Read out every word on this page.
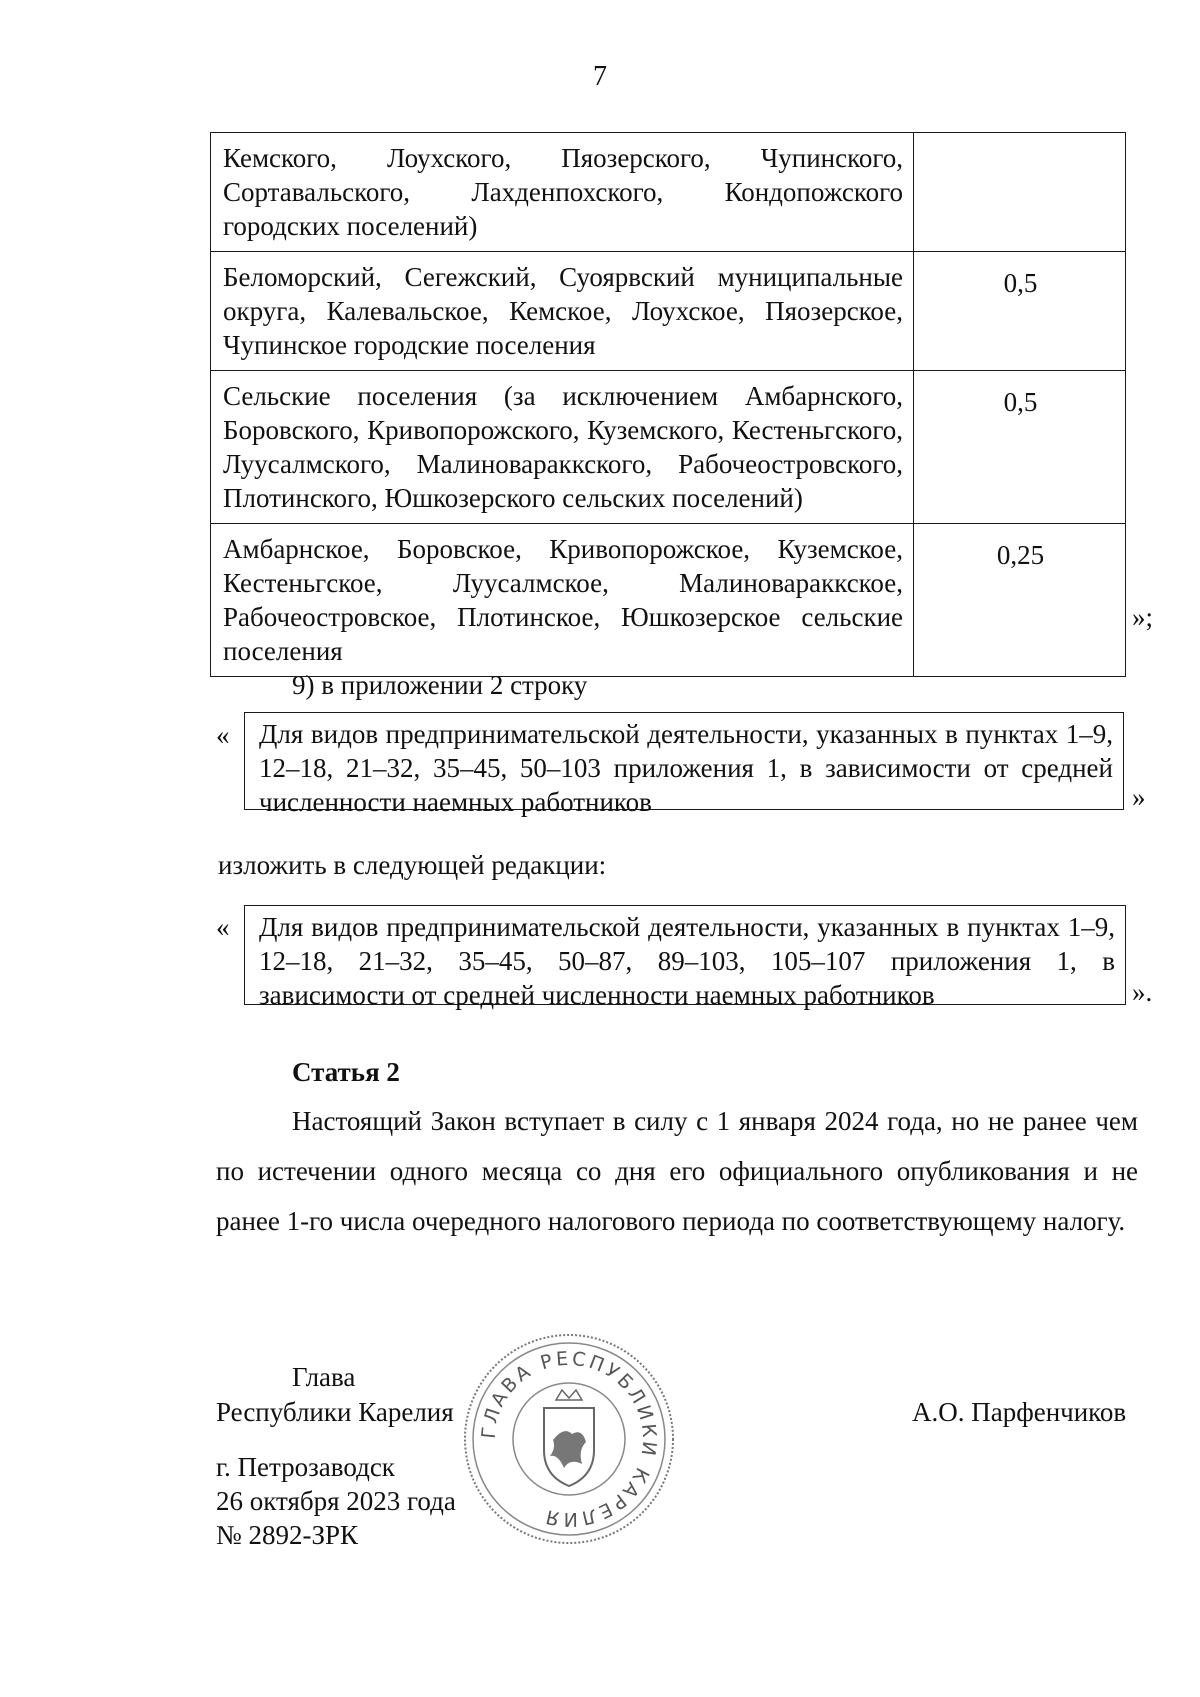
7
Кемского, Лоухского, Пяозерского, Чупинского, Сортавальского, Лахденпохского, Кондопожского городских поселений)	
Беломорский, Сегежский, Суоярвский муниципальные округа, Калевальское, Кемское, Лоухское, Пяозерское, Чупинское городские поселения	0,5
Сельские поселения (за исключением Амбарнского, Боровского, Кривопорожского, Куземского, Кестеньгского, Луусалмского, Малиновараккского, Рабочеостровского, Плотинского, Юшкозерского сельских поселений)	0,5
Амбарнское, Боровское, Кривопорожское, Куземское, Кестеньгское, Луусалмское, Малиновараккское, Рабочеостровское, Плотинское, Юшкозерское сельские поселения	0,25
»;
9) в приложении 2 строку
«	Для видов предпринимательской деятельности, указанных в пунктах 1–9, 12–18, 21–32, 35–45, 50–103 приложения 1, в зависимости от средней численности наемных работников	»
изложить в следующей редакции:
«	Для видов предпринимательской деятельности, указанных в пунктах 1–9, 12–18, 21–32, 35–45, 50–87, 89–103, 105–107 приложения 1, в зависимости от средней численности наемных работников	».
Статья 2
Настоящий Закон вступает в силу с 1 января 2024 года, но не ранее чем по истечении одного месяца со дня его официального опубликования и не ранее 1-го числа очередного налогового периода по соответствующему налогу.
Глава
Республики Карелия	А.О. Парфенчиков
г. Петрозаводск
26 октября 2023 года
№ 2892-ЗРК
ГЛАВА РЕСПУБЛИКИ КАРЕЛИЯ
